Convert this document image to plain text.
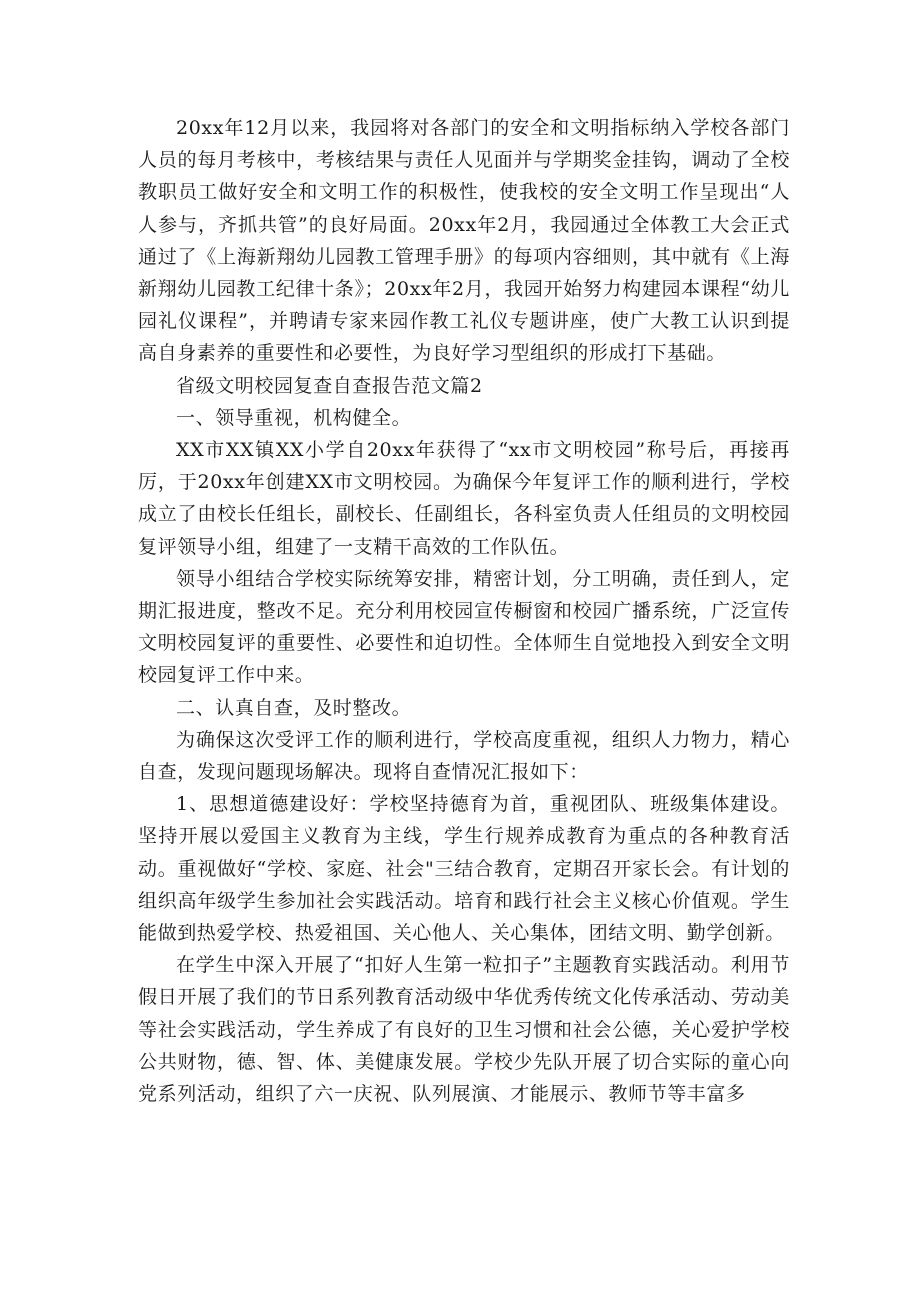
20xx年12月以来，我园将对各部门的安全和文明指标纳入学校各部门人员的每月考核中，考核结果与责任人见面并与学期奖金挂钩，调动了全校教职员工做好安全和文明工作的积极性，使我校的安全文明工作呈现出“人人参与，齐抓共管”的良好局面。20xx年2月，我园通过全体教工大会正式通过了《上海新翔幼儿园教工管理手册》的每项内容细则，其中就有《上海新翔幼儿园教工纪律十条》；20xx年2月，我园开始努力构建园本课程“幼儿园礼仪课程”，并聘请专家来园作教工礼仪专题讲座，使广大教工认识到提高自身素养的重要性和必要性，为良好学习型组织的形成打下基础。

省级文明校园复查自查报告范文篇2

一、领导重视，机构健全。

XX市XX镇XX小学自20xx年获得了“xx市文明校园”称号后，再接再厉，于20xx年创建XX市文明校园。为确保今年复评工作的顺利进行，学校成立了由校长任组长，副校长、任副组长，各科室负责人任组员的文明校园复评领导小组，组建了一支精干高效的工作队伍。

领导小组结合学校实际统筹安排，精密计划，分工明确，责任到人，定期汇报进度，整改不足。充分利用校园宣传橱窗和校园广播系统，广泛宣传文明校园复评的重要性、必要性和迫切性。全体师生自觉地投入到安全文明校园复评工作中来。

二、认真自查，及时整改。

为确保这次受评工作的顺利进行，学校高度重视，组织人力物力，精心自查，发现问题现场解决。现将自查情况汇报如下：

1、思想道德建设好：学校坚持德育为首，重视团队、班级集体建设。坚持开展以爱国主义教育为主线，学生行规养成教育为重点的各种教育活动。重视做好“学校、家庭、社会"三结合教育，定期召开家长会。有计划的组织高年级学生参加社会实践活动。培育和践行社会主义核心价值观。学生能做到热爱学校、热爱祖国、关心他人、关心集体，团结文明、勤学创新。

在学生中深入开展了“扣好人生第一粒扣子”主题教育实践活动。利用节假日开展了我们的节日系列教育活动级中华优秀传统文化传承活动、劳动美等社会实践活动，学生养成了有良好的卫生习惯和社会公德，关心爱护学校公共财物，德、智、体、美健康发展。学校少先队开展了切合实际的童心向党系列活动，组织了六一庆祝、队列展演、才能展示、教师节等丰富多
